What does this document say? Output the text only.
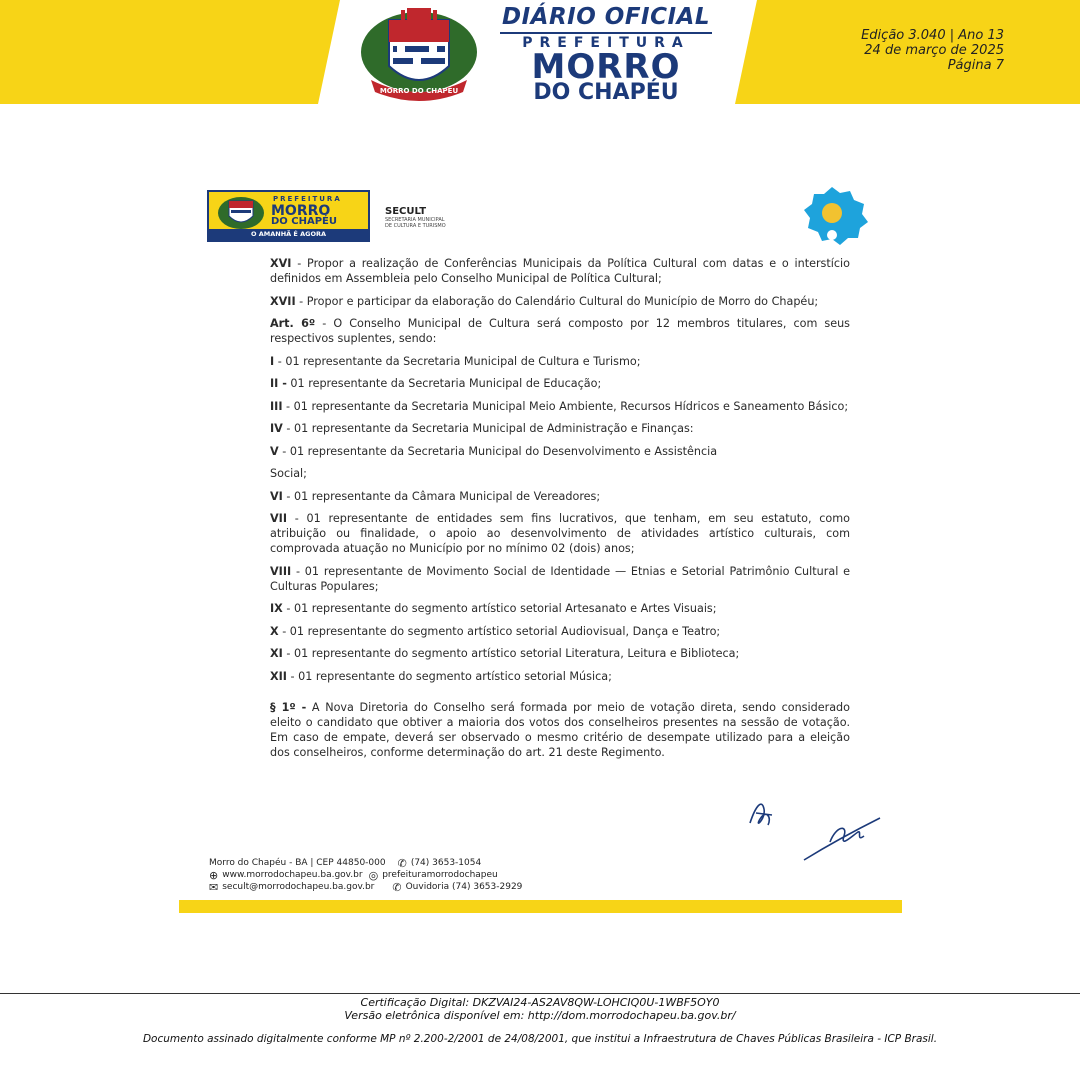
MORRO DO CHAPÉU
DIÁRIO OFICIAL
PREFEITURA
MORRO
DO CHAPÉU
Edição 3.040 | Ano 13
24 de março de 2025
Página 7
PREFEITURA
MORRO
DO CHAPÉU
O AMANHÃ É AGORA
SECULT
SECRETARIA MUNICIPAL
DE CULTURA E TURISMO

XVI - Propor a realização de Conferências Municipais da Política Cultural com datas e o interstício definidos em Assembleia pelo Conselho Municipal de Política Cultural;

XVII - Propor e participar da elaboração do Calendário Cultural do Município de Morro do Chapéu;

Art. 6º - O Conselho Municipal de Cultura será composto por 12 membros titulares, com seus respectivos suplentes, sendo:

I - 01 representante da Secretaria Municipal de Cultura e Turismo;

II - 01 representante da Secretaria Municipal de Educação;

III - 01 representante da Secretaria Municipal Meio Ambiente, Recursos Hídricos e Saneamento Básico;

IV - 01 representante da Secretaria Municipal de Administração e Finanças:

V - 01 representante da Secretaria Municipal do Desenvolvimento e Assistência

Social;

VI - 01 representante da Câmara Municipal de Vereadores;

VII - 01 representante de entidades sem fins lucrativos, que tenham, em seu estatuto, como atribuição ou finalidade, o apoio ao desenvolvimento de atividades artístico culturais, com comprovada atuação no Município por no mínimo 02 (dois) anos;

VIII - 01 representante de Movimento Social de Identidade — Etnias e Setorial Patrimônio Cultural e Culturas Populares;

IX - 01 representante do segmento artístico setorial Artesanato e Artes Visuais;

X - 01 representante do segmento artístico setorial Audiovisual, Dança e Teatro;

XI - 01 representante do segmento artístico setorial Literatura, Leitura e Biblioteca;

XII - 01 representante do segmento artístico setorial Música;

§ 1º - A Nova Diretoria do Conselho será formada por meio de votação direta, sendo considerado eleito o candidato que obtiver a maioria dos votos dos conselheiros presentes na sessão de votação. Em caso de empate, deverá ser observado o mesmo critério de desempate utilizado para a eleição dos conselheiros, conforme determinação do art. 21 deste Regimento.

Morro do Chapéu - BA | CEP 44850-000 ✆ (74) 3653-1054
⊕ www.morrodochapeu.ba.gov.br ◎ prefeituramorrodochapeu
✉ secult@morrodochapeu.ba.gov.br ✆ Ouvidoria (74) 3653-2929
Certificação Digital: DKZVAI24-AS2AV8QW-LOHCIQ0U-1WBF5OY0
Versão eletrônica disponível em: http://dom.morrodochapeu.ba.gov.br/
Documento assinado digitalmente conforme MP nº 2.200-2/2001 de 24/08/2001, que institui a Infraestrutura de Chaves Públicas Brasileira - ICP Brasil.
